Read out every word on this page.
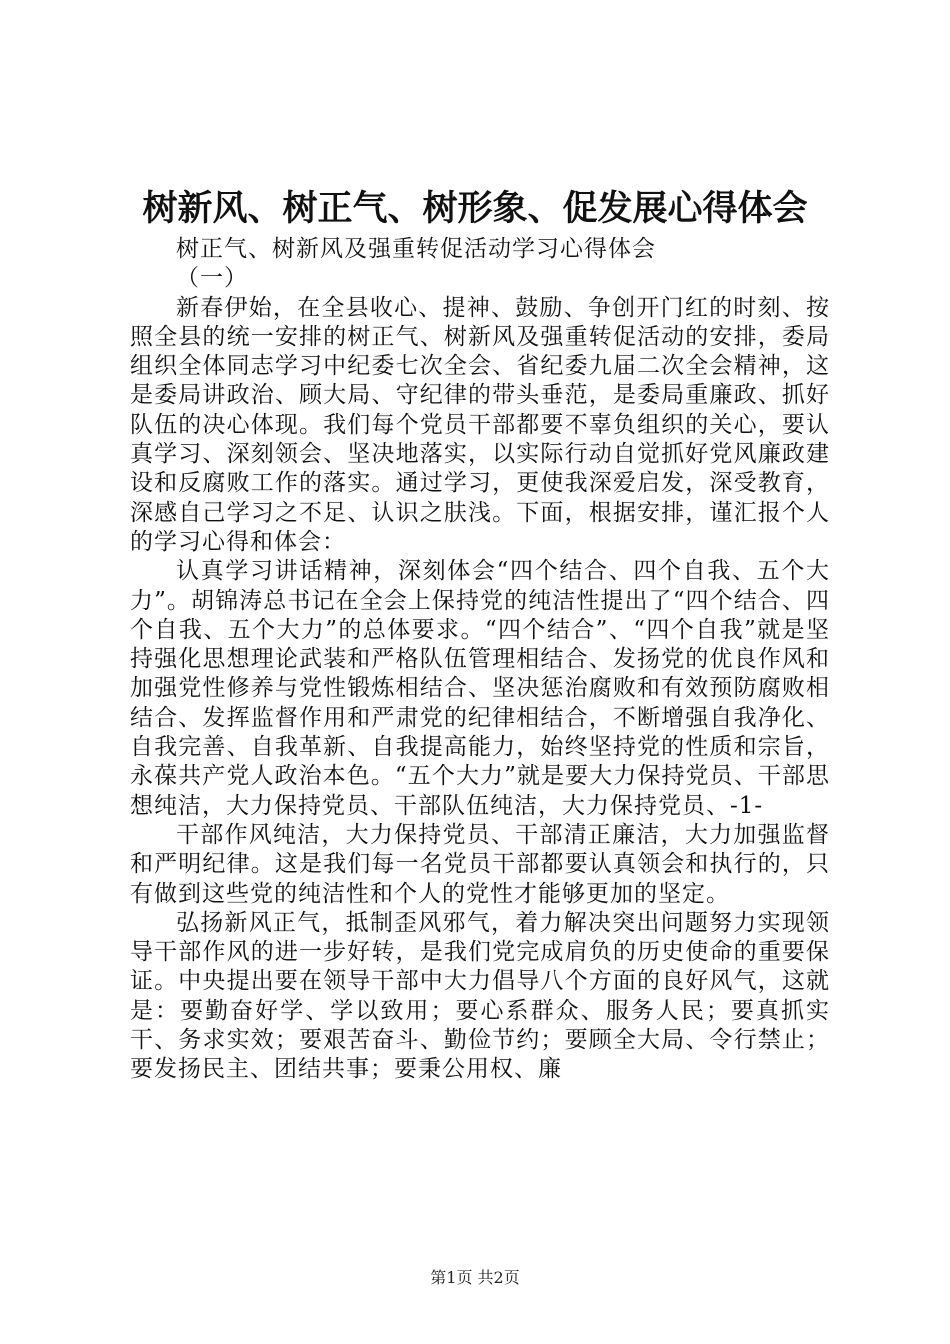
树新风、树正气、树形象、促发展心得体会
树正气、树新风及强重转促活动学习心得体会
（一）

新春伊始，在全县收心、提神、鼓励、争创开门红的时刻、按照全县的统一安排的树正气、树新风及强重转促活动的安排，委局组织全体同志学习中纪委七次全会、省纪委九届二次全会精神，这是委局讲政治、顾大局、守纪律的带头垂范，是委局重廉政、抓好队伍的决心体现。我们每个党员干部都要不辜负组织的关心，要认真学习、深刻领会、坚决地落实，以实际行动自觉抓好党风廉政建设和反腐败工作的落实。通过学习，更使我深爱启发，深受教育，深感自己学习之不足、认识之肤浅。下面，根据安排，谨汇报个人的学习心得和体会：

认真学习讲话精神，深刻体会“四个结合、四个自我、五个大力”。胡锦涛总书记在全会上保持党的纯洁性提出了“四个结合、四个自我、五个大力”的总体要求。“四个结合”、“四个自我”就是坚持强化思想理论武装和严格队伍管理相结合、发扬党的优良作风和加强党性修养与党性锻炼相结合、坚决惩治腐败和有效预防腐败相结合、发挥监督作用和严肃党的纪律相结合，不断增强自我净化、自我完善、自我革新、自我提高能力，始终坚持党的性质和宗旨，永葆共产党人政治本色。“五个大力”就是要大力保持党员、干部思想纯洁，大力保持党员、干部队伍纯洁，大力保持党员、-1-

干部作风纯洁，大力保持党员、干部清正廉洁，大力加强监督和严明纪律。这是我们每一名党员干部都要认真领会和执行的，只有做到这些党的纯洁性和个人的党性才能够更加的坚定。

弘扬新风正气，抵制歪风邪气，着力解决突出问题努力实现领导干部作风的进一步好转，是我们党完成肩负的历史使命的重要保证。中央提出要在领导干部中大力倡导八个方面的良好风气，这就是：要勤奋好学、学以致用；要心系群众、服务人民；要真抓实干、务求实效；要艰苦奋斗、勤俭节约；要顾全大局、令行禁止；要发扬民主、团结共事；要秉公用权、廉

第1页 共2页
